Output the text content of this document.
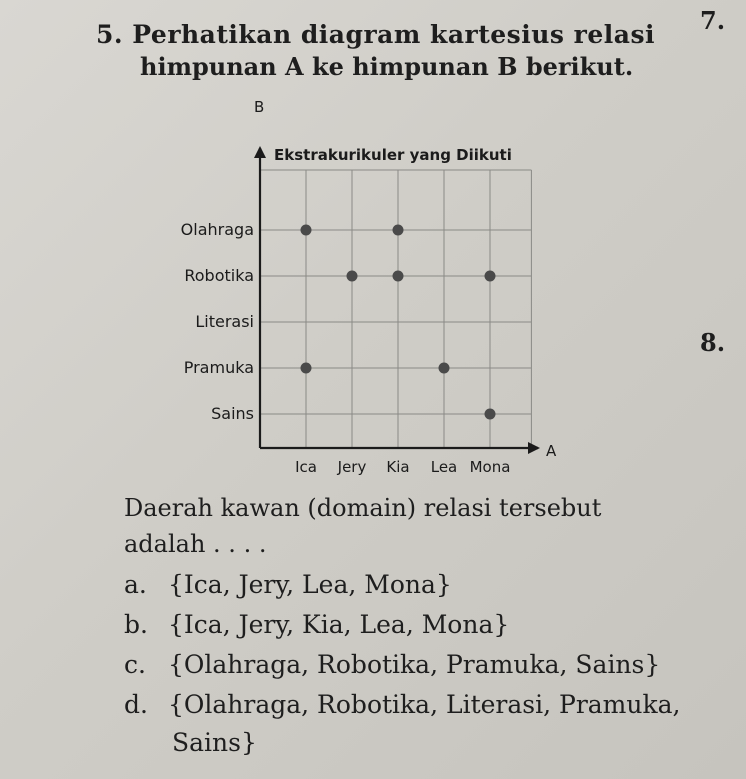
7.
8.
5. Perhatikan diagram kartesius relasi
himpunan A ke himpunan B berikut.
Ekstrakurikuler yang Diikuti
B
A
Ica Jery Kia Lea Mona
Sains
Pramuka
Literasi
Robotika
Olahraga
Daerah kawan (domain) relasi tersebut
adalah . . . .
a. {Ica, Jery, Lea, Mona}
b. {Ica, Jery, Kia, Lea, Mona}
c. {Olahraga, Robotika, Pramuka, Sains}
d. {Olahraga, Robotika, Literasi, Pramuka,
Sains}
